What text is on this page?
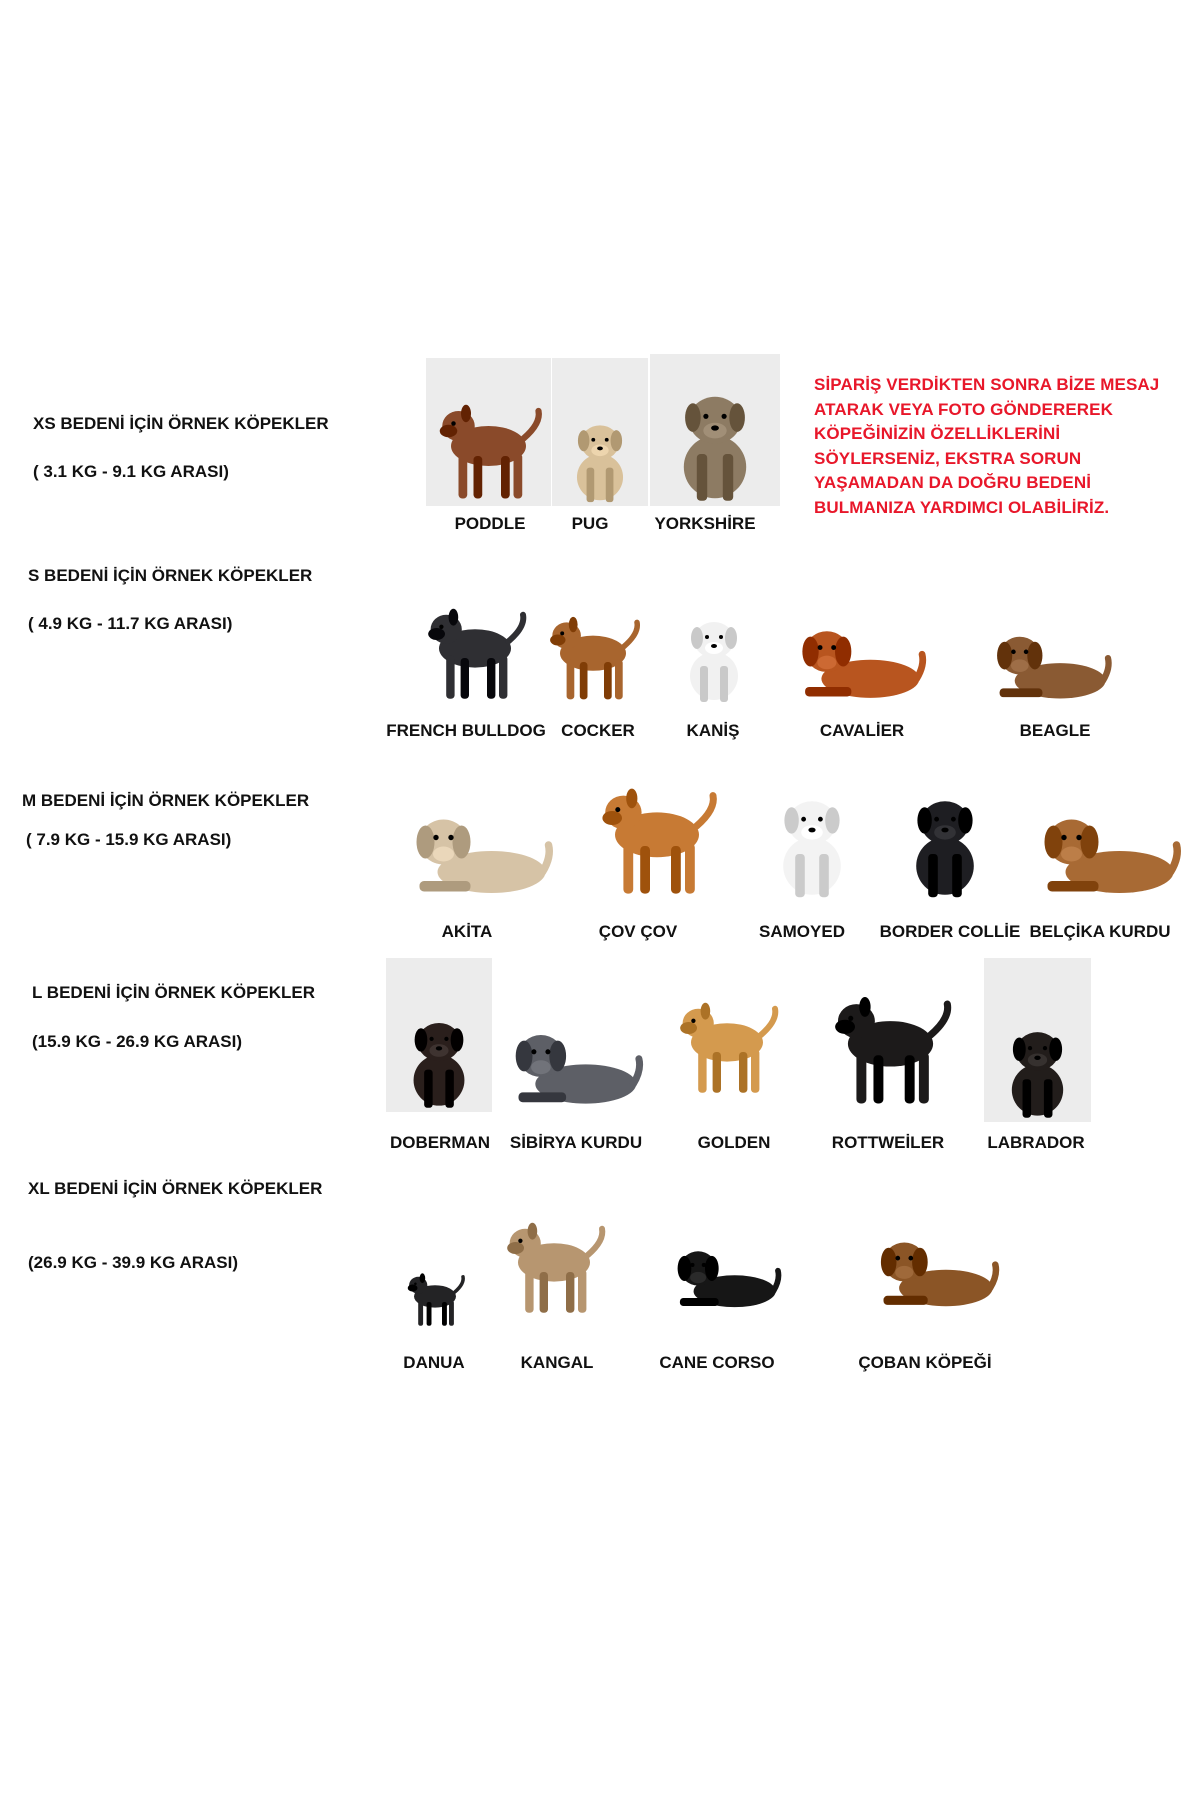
XS BEDENİ İÇİN ÖRNEK KÖPEKLER
( 3.1 KG - 9.1 KG ARASI)
S BEDENİ İÇİN ÖRNEK KÖPEKLER
( 4.9 KG - 11.7 KG ARASI)
M BEDENİ İÇİN ÖRNEK KÖPEKLER
( 7.9 KG - 15.9 KG ARASI)
L BEDENİ İÇİN ÖRNEK KÖPEKLER
(15.9 KG - 26.9 KG ARASI)
XL BEDENİ İÇİN ÖRNEK KÖPEKLER
(26.9 KG - 39.9 KG ARASI)
SİPARİŞ VERDİKTEN SONRA BİZE MESAJ ATARAK VEYA FOTO GÖNDEREREK KÖPEĞİNİZİN ÖZELLİKLERİNİ SÖYLERSENİZ, EKSTRA SORUN YAŞAMADAN DA DOĞRU BEDENİ BULMANIZA YARDIMCI OLABİLİRİZ.
PODDLE	PUG	YORKSHİRE
FRENCH BULLDOG COCKER	KANİŞ	CAVALİER	BEAGLE
AKİTA	ÇOV ÇOV	SAMOYED BORDER COLLİE BELÇİKA KURDU
DOBERMAN SİBİRYA KURDU	GOLDEN	ROTTWEİLER	LABRADOR
DANUA	KANGAL	CANE CORSO	ÇOBAN KÖPEĞİ
